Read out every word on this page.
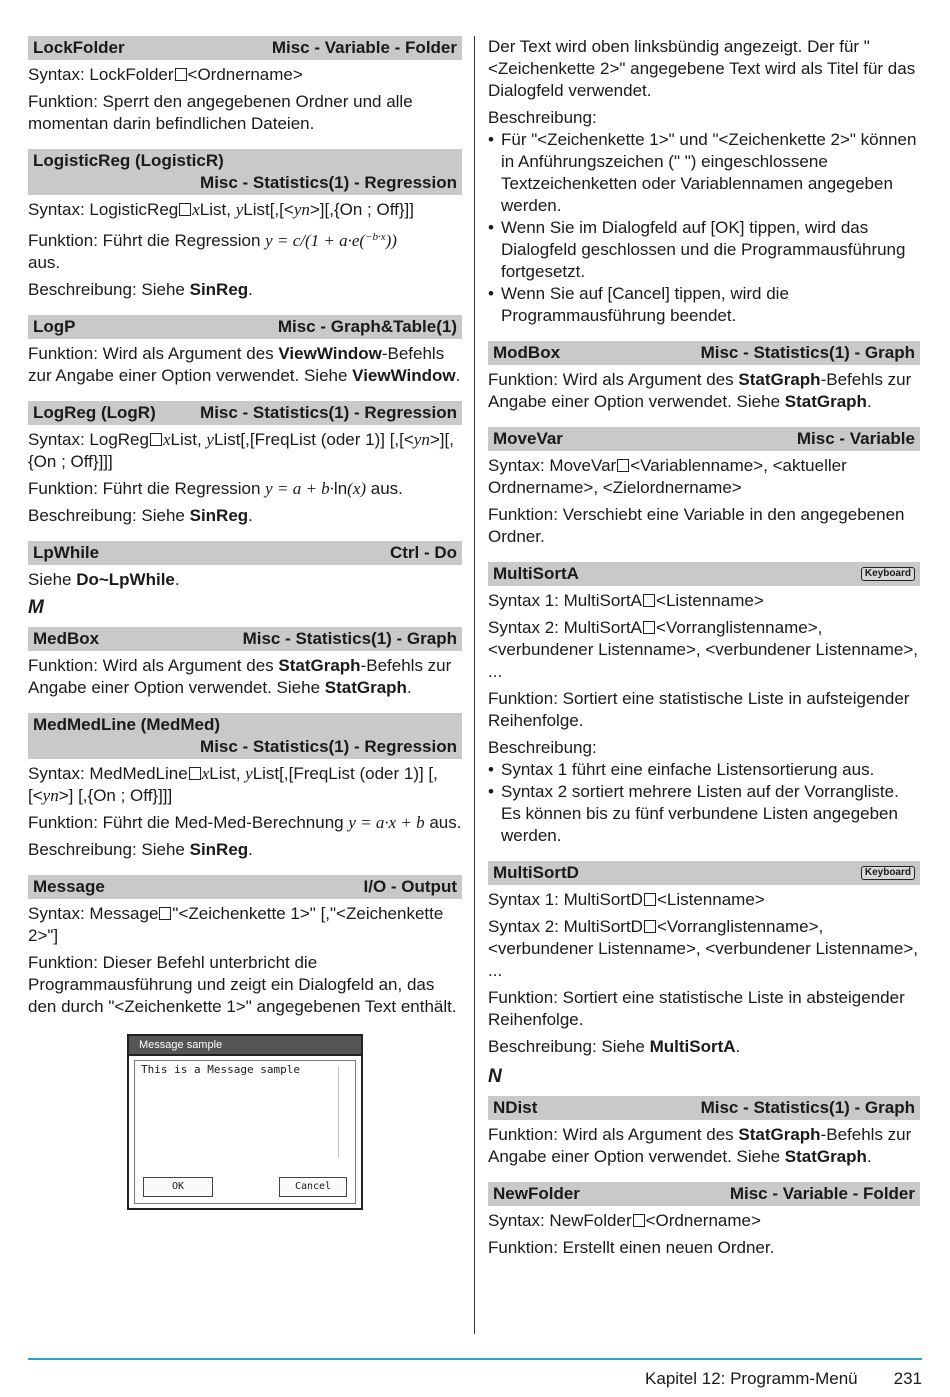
LockFolder	Misc - Variable - Folder
Syntax: LockFolder <Ordnername>
Funktion: Sperrt den angegebenen Ordner und alle momentan darin befindlichen Dateien.
LogisticReg (LogisticR)
Misc - Statistics(1) - Regression
Syntax: LogisticReg xList, yList[,[<yn>][,{On ; Off}]]
Funktion: Führt die Regression y = c/(1 + a·e($^{-b\cdot x}$))
aus.
Beschreibung: Siehe SinReg.
LogP	Misc - Graph&Table(1)
Funktion: Wird als Argument des ViewWindow-Befehls zur Angabe einer Option verwendet. Siehe ViewWindow.
LogReg (LogR)	Misc - Statistics(1) - Regression
Syntax: LogReg xList, yList[,[FreqList (oder 1)] [,[<yn>][,{On ; Off}]]]
Funktion: Führt die Regression y = a + b·ln(x) aus.
Beschreibung: Siehe SinReg.
LpWhile	Ctrl - Do
Siehe Do~LpWhile.
M
MedBox	Misc - Statistics(1) - Graph
Funktion: Wird als Argument des StatGraph-Befehls zur Angabe einer Option verwendet. Siehe StatGraph.
MedMedLine (MedMed)
Misc - Statistics(1) - Regression
Syntax: MedMedLine xList, yList[,[FreqList (oder 1)] [,[<yn>] [,{On ; Off}]]]
Funktion: Führt die Med-Med-Berechnung y = a·x + b aus.
Beschreibung: Siehe SinReg.
Message	I/O - Output
Syntax: Message "<Zeichenkette 1>" [,"<Zeichenkette 2>"]
Funktion: Dieser Befehl unterbricht die Programmausführung und zeigt ein Dialogfeld an, das den durch "<Zeichenkette 1>" angegebenen Text enthält.
Message sample
This is a Message sample
OK	Cancel
Der Text wird oben linksbündig angezeigt. Der für "<Zeichenkette 2>" angegebene Text wird als Titel für das Dialogfeld verwendet.
Beschreibung:
• Für "<Zeichenkette 1>" und "<Zeichenkette 2>" können in Anführungszeichen (" ") eingeschlossene Textzeichenketten oder Variablennamen angegeben werden.
• Wenn Sie im Dialogfeld auf [OK] tippen, wird das Dialogfeld geschlossen und die Programmausführung fortgesetzt.
• Wenn Sie auf [Cancel] tippen, wird die Programmausführung beendet.
ModBox	Misc - Statistics(1) - Graph
Funktion: Wird als Argument des StatGraph-Befehls zur Angabe einer Option verwendet. Siehe StatGraph.
MoveVar	Misc - Variable
Syntax: MoveVar <Variablenname>, <aktueller Ordnername>, <Zielordnername>
Funktion: Verschiebt eine Variable in den angegebenen Ordner.
MultiSortA	Keyboard
Syntax 1: MultiSortA <Listenname>
Syntax 2: MultiSortA <Vorranglistenname>, <verbundener Listenname>, <verbundener Listenname>, ...
Funktion: Sortiert eine statistische Liste in aufsteigender Reihenfolge.
Beschreibung:
• Syntax 1 führt eine einfache Listensortierung aus.
• Syntax 2 sortiert mehrere Listen auf der Vorrangliste. Es können bis zu fünf verbundene Listen angegeben werden.
MultiSortD	Keyboard
Syntax 1: MultiSortD <Listenname>
Syntax 2: MultiSortD <Vorranglistenname>, <verbundener Listenname>, <verbundener Listenname>, ...
Funktion: Sortiert eine statistische Liste in absteigender Reihenfolge.
Beschreibung: Siehe MultiSortA.
N
NDist	Misc - Statistics(1) - Graph
Funktion: Wird als Argument des StatGraph-Befehls zur Angabe einer Option verwendet. Siehe StatGraph.
NewFolder	Misc - Variable - Folder
Syntax: NewFolder <Ordnername>
Funktion: Erstellt einen neuen Ordner.
Kapitel 12: Programm-Menü 231
